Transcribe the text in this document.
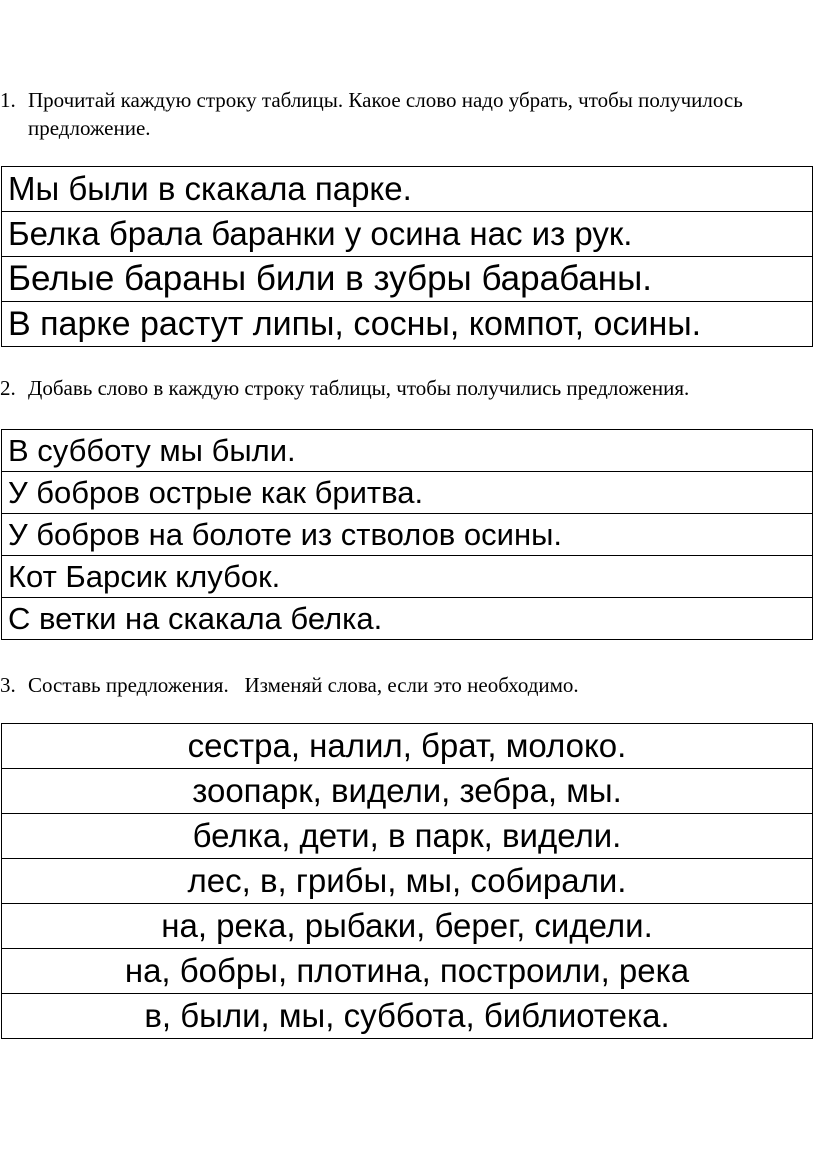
1. Прочитай каждую строку таблицы. Какое слово надо убрать, чтобы получилось предложение.
Мы были в скакала парке.
Белка брала баранки у осина нас из рук.
Белые бараны били в зубры барабаны.
В парке растут липы, сосны, компот, осины.
2. Добавь слово в каждую строку таблицы, чтобы получились предложения.
В субботу мы были.
У бобров острые как бритва.
У бобров на болоте из стволов осины.
Кот Барсик клубок.
С ветки на скакала белка.
3. Составь предложения.   Изменяй слова, если это необходимо.
сестра, налил, брат, молоко.
зоопарк, видели, зебра, мы.
белка, дети, в парк, видели.
лес, в, грибы, мы, собирали.
на, река, рыбаки, берег, сидели.
на, бобры, плотина, построили, река
в, были, мы, суббота, библиотека.
